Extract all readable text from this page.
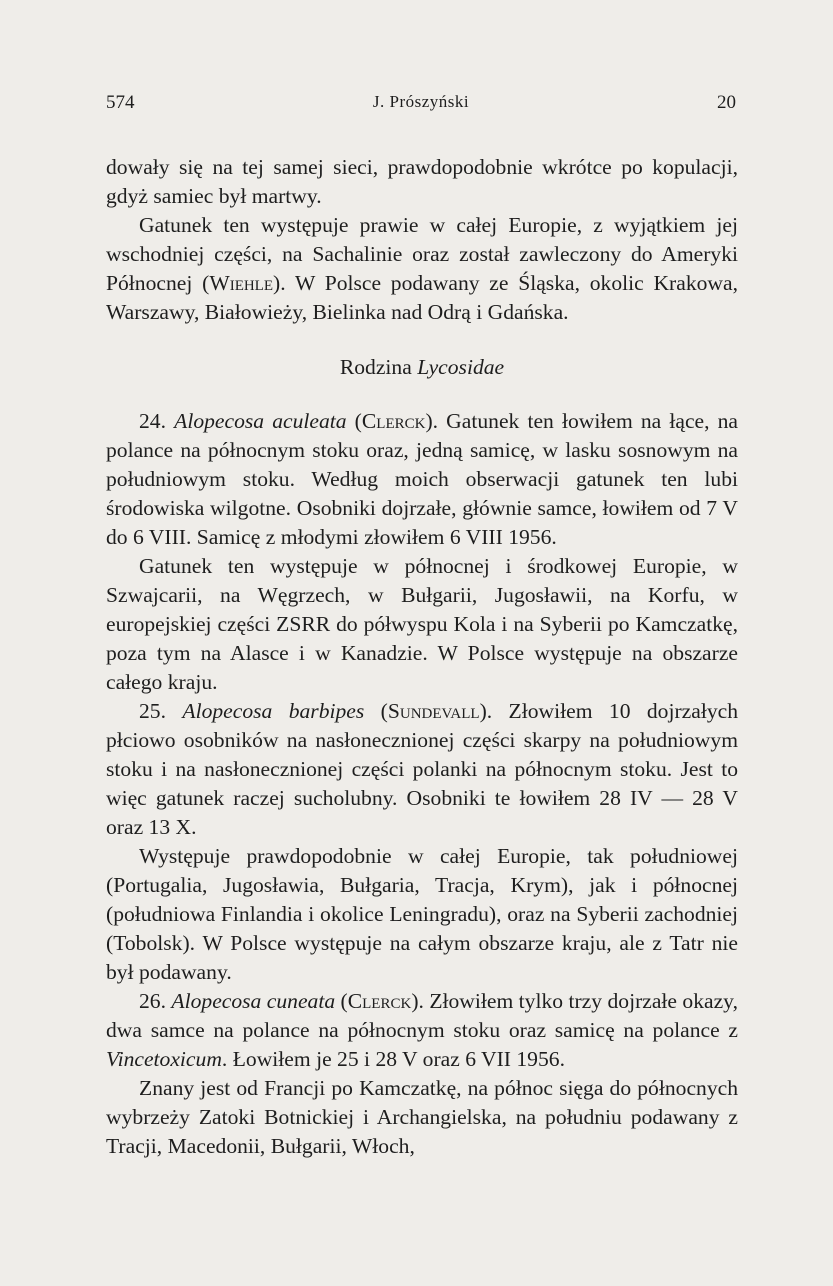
574	J. Prószyński	20

dowały się na tej samej sieci, prawdopodobnie wkrótce po kopulacji, gdyż samiec był martwy.

Gatunek ten występuje prawie w całej Europie, z wyjątkiem jej wschodniej części, na Sachalinie oraz został zawleczony do Ameryki Północnej (Wiehle). W Polsce podawany ze Śląska, okolic Krakowa, Warszawy, Białowieży, Bielinka nad Odrą i Gdańska.

Rodzina Lycosidae

24. Alopecosa aculeata (Clerck). Gatunek ten łowiłem na łące, na polance na północnym stoku oraz, jedną samicę, w lasku sosnowym na południowym stoku. Według moich obserwacji gatunek ten lubi środowiska wilgotne. Osobniki dojrzałe, głównie samce, łowiłem od 7 V do 6 VIII. Samicę z młodymi złowiłem 6 VIII 1956.

Gatunek ten występuje w północnej i środkowej Europie, w Szwajcarii, na Węgrzech, w Bułgarii, Jugosławii, na Korfu, w europejskiej części ZSRR do półwyspu Kola i na Syberii po Kamczatkę, poza tym na Alasce i w Kanadzie. W Polsce występuje na obszarze całego kraju.

25. Alopecosa barbipes (Sundevall). Złowiłem 10 dojrzałych płciowo osobników na nasłonecznionej części skarpy na południowym stoku i na nasłonecznionej części polanki na północnym stoku. Jest to więc gatunek raczej sucholubny. Osobniki te łowiłem 28 IV — 28 V oraz 13 X.

Występuje prawdopodobnie w całej Europie, tak południowej (Portugalia, Jugosławia, Bułgaria, Tracja, Krym), jak i północnej (południowa Finlandia i okolice Leningradu), oraz na Syberii zachodniej (Tobolsk). W Polsce występuje na całym obszarze kraju, ale z Tatr nie był podawany.

26. Alopecosa cuneata (Clerck). Złowiłem tylko trzy dojrzałe okazy, dwa samce na polance na północnym stoku oraz samicę na polance z Vincetoxicum. Łowiłem je 25 i 28 V oraz 6 VII 1956.

Znany jest od Francji po Kamczatkę, na północ sięga do północnych wybrzeży Zatoki Botnickiej i Archangielska, na południu podawany z Tracji, Macedonii, Bułgarii, Włoch,
